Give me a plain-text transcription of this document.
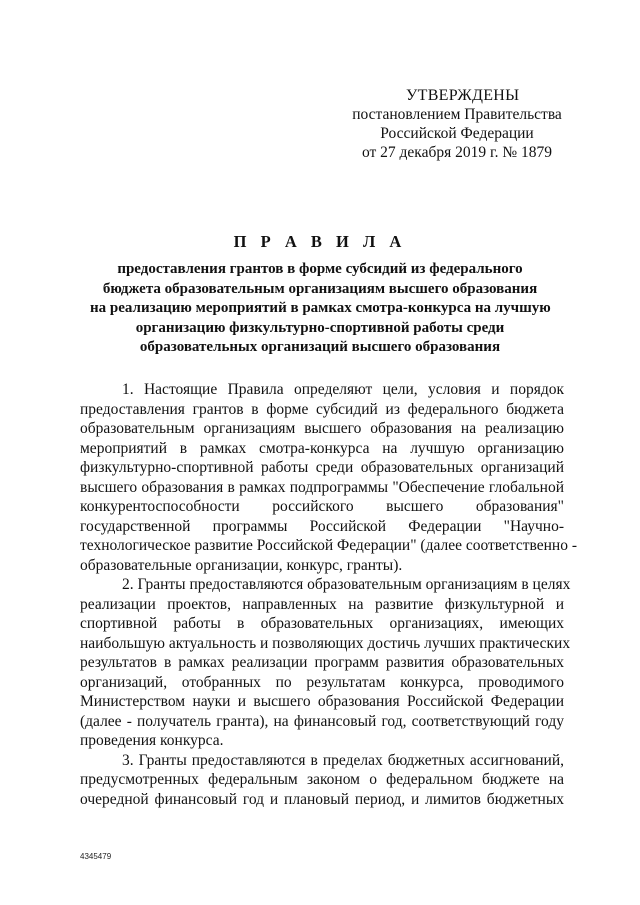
УТВЕРЖДЕНЫ
постановлением Правительства
Российской Федерации
от 27 декабря 2019 г. № 1879
П Р А В И Л А
предоставления грантов в форме субсидий из федерального
бюджета образовательным организациям высшего образования
на реализацию мероприятий в рамках смотра-конкурса на лучшую
организацию физкультурно-спортивной работы среди
образовательных организаций высшего образования

1. Настоящие Правила определяют цели, условия и порядок
предоставления грантов в форме субсидий из федерального бюджета
образовательным организациям высшего образования на реализацию
мероприятий в рамках смотра-конкурса на лучшую организацию
физкультурно-спортивной работы среди образовательных организаций
высшего образования в рамках подпрограммы "Обеспечение глобальной
конкурентоспособности российского высшего образования"
государственной программы Российской Федерации "Научно-
технологическое развитие Российской Федерации" (далее соответственно -
образовательные организации, конкурс, гранты).

2. Гранты предоставляются образовательным организациям в целях
реализации проектов, направленных на развитие физкультурной и
спортивной работы в образовательных организациях, имеющих
наибольшую актуальность и позволяющих достичь лучших практических
результатов в рамках реализации программ развития образовательных
организаций, отобранных по результатам конкурса, проводимого
Министерством науки и высшего образования Российской Федерации
(далее - получатель гранта), на финансовый год, соответствующий году
проведения конкурса.

3. Гранты предоставляются в пределах бюджетных ассигнований,
предусмотренных федеральным законом о федеральном бюджете на
очередной финансовый год и плановый период, и лимитов бюджетных

4345479
